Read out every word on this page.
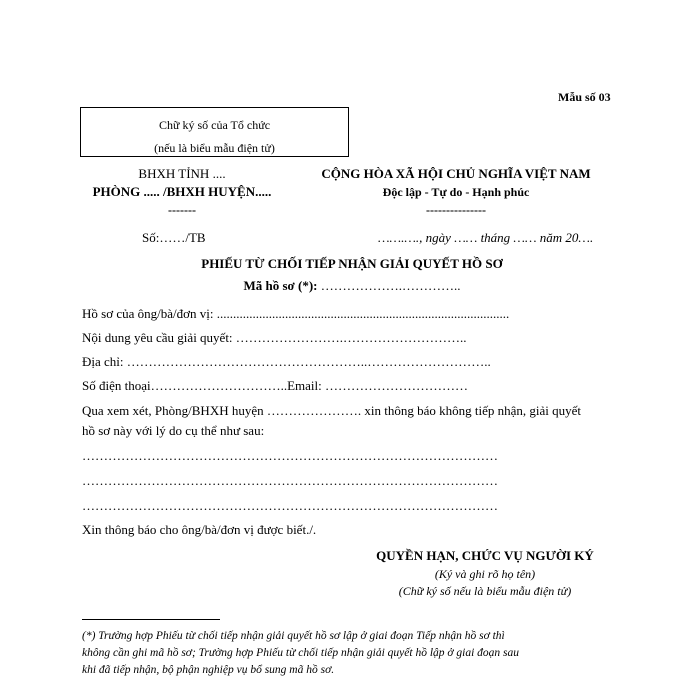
Mẫu số 03
Chữ ký số của Tổ chức
(nếu là biểu mẫu điện tử)
BHXH TỈNH ....
PHÒNG ..... /BHXH HUYỆN.....
-------
CỘNG HÒA XÃ HỘI CHỦ NGHĨA VIỆT NAM
Độc lập - Tự do - Hạnh phúc
---------------
Số:……/TB	…….…., ngày …… tháng …… năm 20….
PHIẾU TỪ CHỐI TIẾP NHẬN GIẢI QUYẾT HỒ SƠ
Mã hồ sơ (*): ……………….…………..
Hồ sơ của ông/bà/đơn vị: ..........................................................................................
Nội dung yêu cầu giải quyết: …………………….………………………..
Địa chỉ: ………………………………………………..………………………..
Số điện thoại…………………………..Email: ……………………………
Qua xem xét, Phòng/BHXH huyện …………………. xin thông báo không tiếp nhận, giải quyết
hồ sơ này với lý do cụ thể như sau:
……………………………………………………………………………………
……………………………………………………………………………………
……………………………………………………………………………………
Xin thông báo cho ông/bà/đơn vị được biết./.
QUYỀN HẠN, CHỨC VỤ NGƯỜI KÝ
(Ký và ghi rõ họ tên)
(Chữ ký số nếu là biểu mẫu điện tử)
(*) Trường hợp Phiếu từ chối tiếp nhận giải quyết hồ sơ lập ở giai đoạn Tiếp nhận hồ sơ thì
không cần ghi mã hồ sơ; Trường hợp Phiếu từ chối tiếp nhận giải quyết hồ lập ở giai đoạn sau
khi đã tiếp nhận, bộ phận nghiệp vụ bổ sung mã hồ sơ.
